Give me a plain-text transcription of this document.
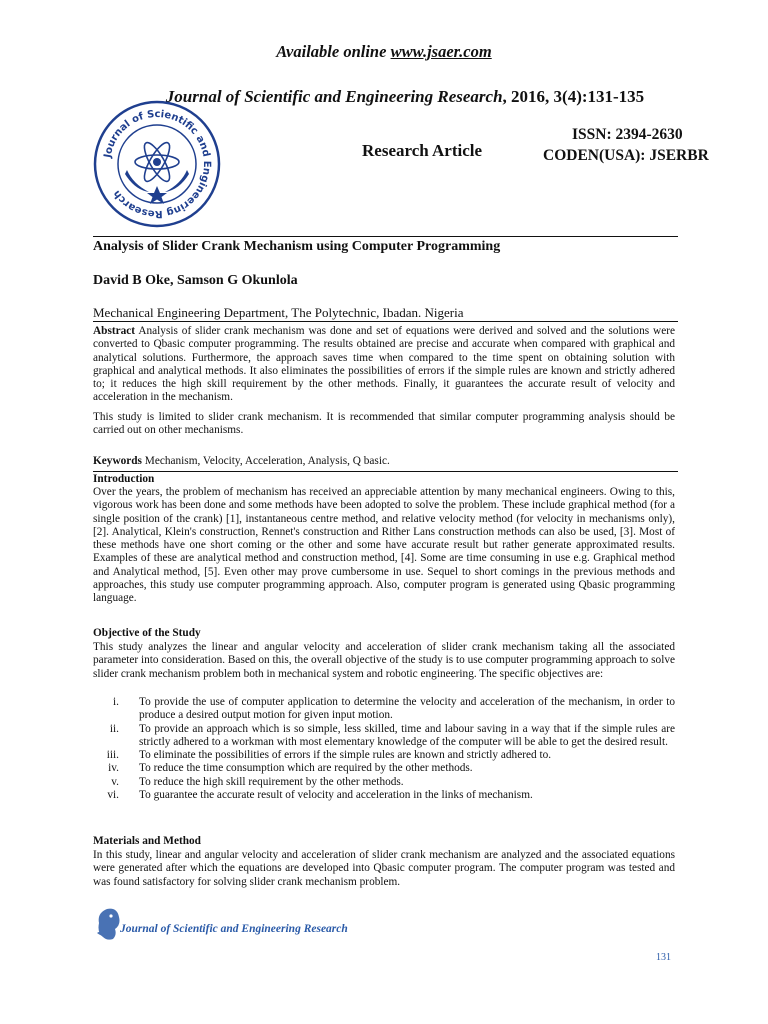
Available online www.jsaer.com
Journal of Scientific and Engineering Research, 2016, 3(4):131-135
Journal of Scientific and Engineering Research
Research Article
ISSN: 2394-2630
CODEN(USA): JSERBR
Analysis of Slider Crank Mechanism using Computer Programming
David B Oke, Samson G Okunlola
Mechanical Engineering Department, The Polytechnic, Ibadan. Nigeria
Abstract Analysis of slider crank mechanism was done and set of equations were derived and solved and the solutions were converted to Qbasic computer programming. The results obtained are precise and accurate when compared with graphical and analytical solutions. Furthermore, the approach saves time when compared to the time spent on obtaining solution with graphical and analytical methods. It also eliminates the possibilities of errors if the simple rules are known and strictly adhered to; it reduces the high skill requirement by the other methods. Finally, it guarantees the accurate result of velocity and acceleration in the mechanism.
This study is limited to slider crank mechanism. It is recommended that similar computer programming analysis should be carried out on other mechanisms.
Keywords Mechanism, Velocity, Acceleration, Analysis, Q basic.
Introduction
Over the years, the problem of mechanism has received an appreciable attention by many mechanical engineers. Owing to this, vigorous work has been done and some methods have been adopted to solve the problem. These include graphical method (for a single position of the crank) [1], instantaneous centre method, and relative velocity method (for velocity in mechanisms only), [2]. Analytical, Klein's construction, Rennet's construction and Rither Lans construction methods can also be used, [3]. Most of these methods have one short coming or the other and some have accurate result but rather generate approximated results. Examples of these are analytical method and construction method, [4]. Some are time consuming in use e.g. Graphical method and Analytical method, [5]. Even other may prove cumbersome in use. Sequel to short comings in the previous methods and approaches, this study use computer programming approach. Also, computer program is generated using Qbasic programming language.
Objective of the Study
This study analyzes the linear and angular velocity and acceleration of slider crank mechanism taking all the associated parameter into consideration. Based on this, the overall objective of the study is to use computer programming approach to solve slider crank mechanism problem both in mechanical system and robotic engineering. The specific objectives are:
i. To provide the use of computer application to determine the velocity and acceleration of the mechanism, in order to produce a desired output motion for given input motion.
ii. To provide an approach which is so simple, less skilled, time and labour saving in a way that if the simple rules are strictly adhered to a workman with most elementary knowledge of the computer will be able to get the desired result.
iii. To eliminate the possibilities of errors if the simple rules are known and strictly adhered to.
iv. To reduce the time consumption which are required by the other methods.
v. To reduce the high skill requirement by the other methods.
vi. To guarantee the accurate result of velocity and acceleration in the links of mechanism.
Materials and Method
In this study, linear and angular velocity and acceleration of slider crank mechanism are analyzed and the associated equations were generated after which the equations are developed into Qbasic computer program. The computer program was tested and was found satisfactory for solving slider crank mechanism problem.
Journal of Scientific and Engineering Research
131
